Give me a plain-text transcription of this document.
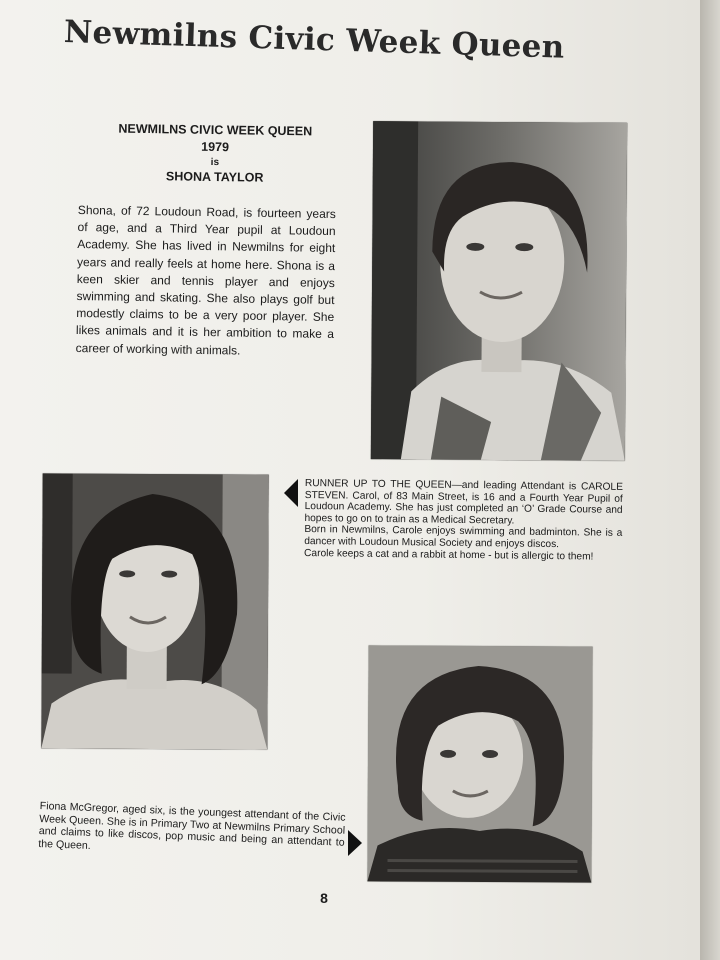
Newmilns Civic Week Queen
NEWMILNS CIVIC WEEK QUEEN
1979
is
SHONA TAYLOR
Shona, of 72 Loudoun Road, is fourteen years of age, and a Third Year pupil at Loudoun Academy. She has lived in Newmilns for eight years and really feels at home here. Shona is a keen skier and tennis player and enjoys swimming and skating. She also plays golf but modestly claims to be a very poor player. She likes animals and it is her ambition to make a career of working with animals.

RUNNER UP TO THE QUEEN—and leading Attendant is CAROLE STEVEN. Carol, of 83 Main Street, is 16 and a Fourth Year Pupil of Loudoun Academy. She has just completed an ‘O’ Grade Course and hopes to go on to train as a Medical Secretary.

Born in Newmilns, Carole enjoys swimming and badminton. She is a dancer with Loudoun Musical Society and enjoys discos.

Carole keeps a cat and a rabbit at home - but is allergic to them!

Fiona McGregor, aged six, is the youngest attendant of the Civic Week Queen. She is in Primary Two at Newmilns Primary School and claims to like discos, pop music and being an attendant to the Queen.
8
